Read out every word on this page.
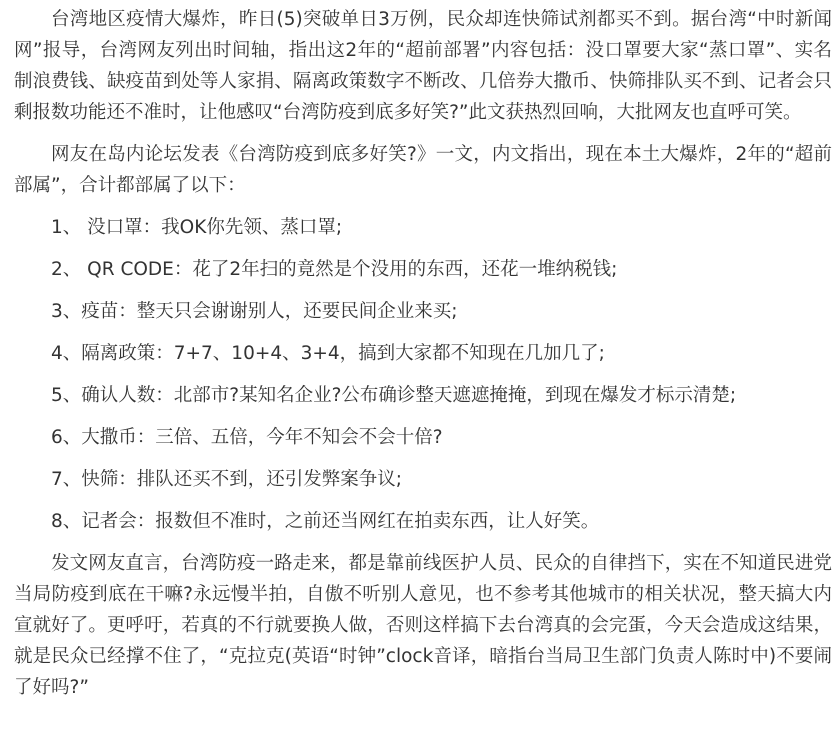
台湾地区疫情大爆炸，昨日(5)突破单日3万例，民众却连快筛试剂都买不到。据台湾“中时新闻网”报导，台湾网友列出时间轴，指出这2年的“超前部署”内容包括：没口罩要大家“蒸口罩”、实名制浪费钱、缺疫苗到处等人家捐、隔离政策数字不断改、几倍券大撒币、快筛排队买不到、记者会只剩报数功能还不准时，让他感叹“台湾防疫到底多好笑?”此文获热烈回响，大批网友也直呼可笑。

网友在岛内论坛发表《台湾防疫到底多好笑?》一文，内文指出，现在本土大爆炸，2年的“超前部属”，合计都部属了以下：

1、 没口罩：我OK你先领、蒸口罩;

2、 QR CODE：花了2年扫的竟然是个没用的东西，还花一堆纳税钱;

3、疫苗：整天只会谢谢别人，还要民间企业来买;

4、隔离政策：7+7、10+4、3+4，搞到大家都不知现在几加几了;

5、确认人数：北部市?某知名企业?公布确诊整天遮遮掩掩，到现在爆发才标示清楚;

6、大撒币：三倍、五倍，今年不知会不会十倍?

7、快筛：排队还买不到，还引发弊案争议;

8、记者会：报数但不准时，之前还当网红在拍卖东西，让人好笑。

发文网友直言，台湾防疫一路走来，都是靠前线医护人员、民众的自律挡下，实在不知道民进党当局防疫到底在干嘛?永远慢半拍，自傲不听别人意见，也不参考其他城市的相关状况，整天搞大内宣就好了。更呼吁，若真的不行就要换人做，否则这样搞下去台湾真的会完蛋，今天会造成这结果，就是民众已经撑不住了，“克拉克(英语“时钟”clock音译，暗指台当局卫生部门负责人陈时中)不要闹了好吗?”
